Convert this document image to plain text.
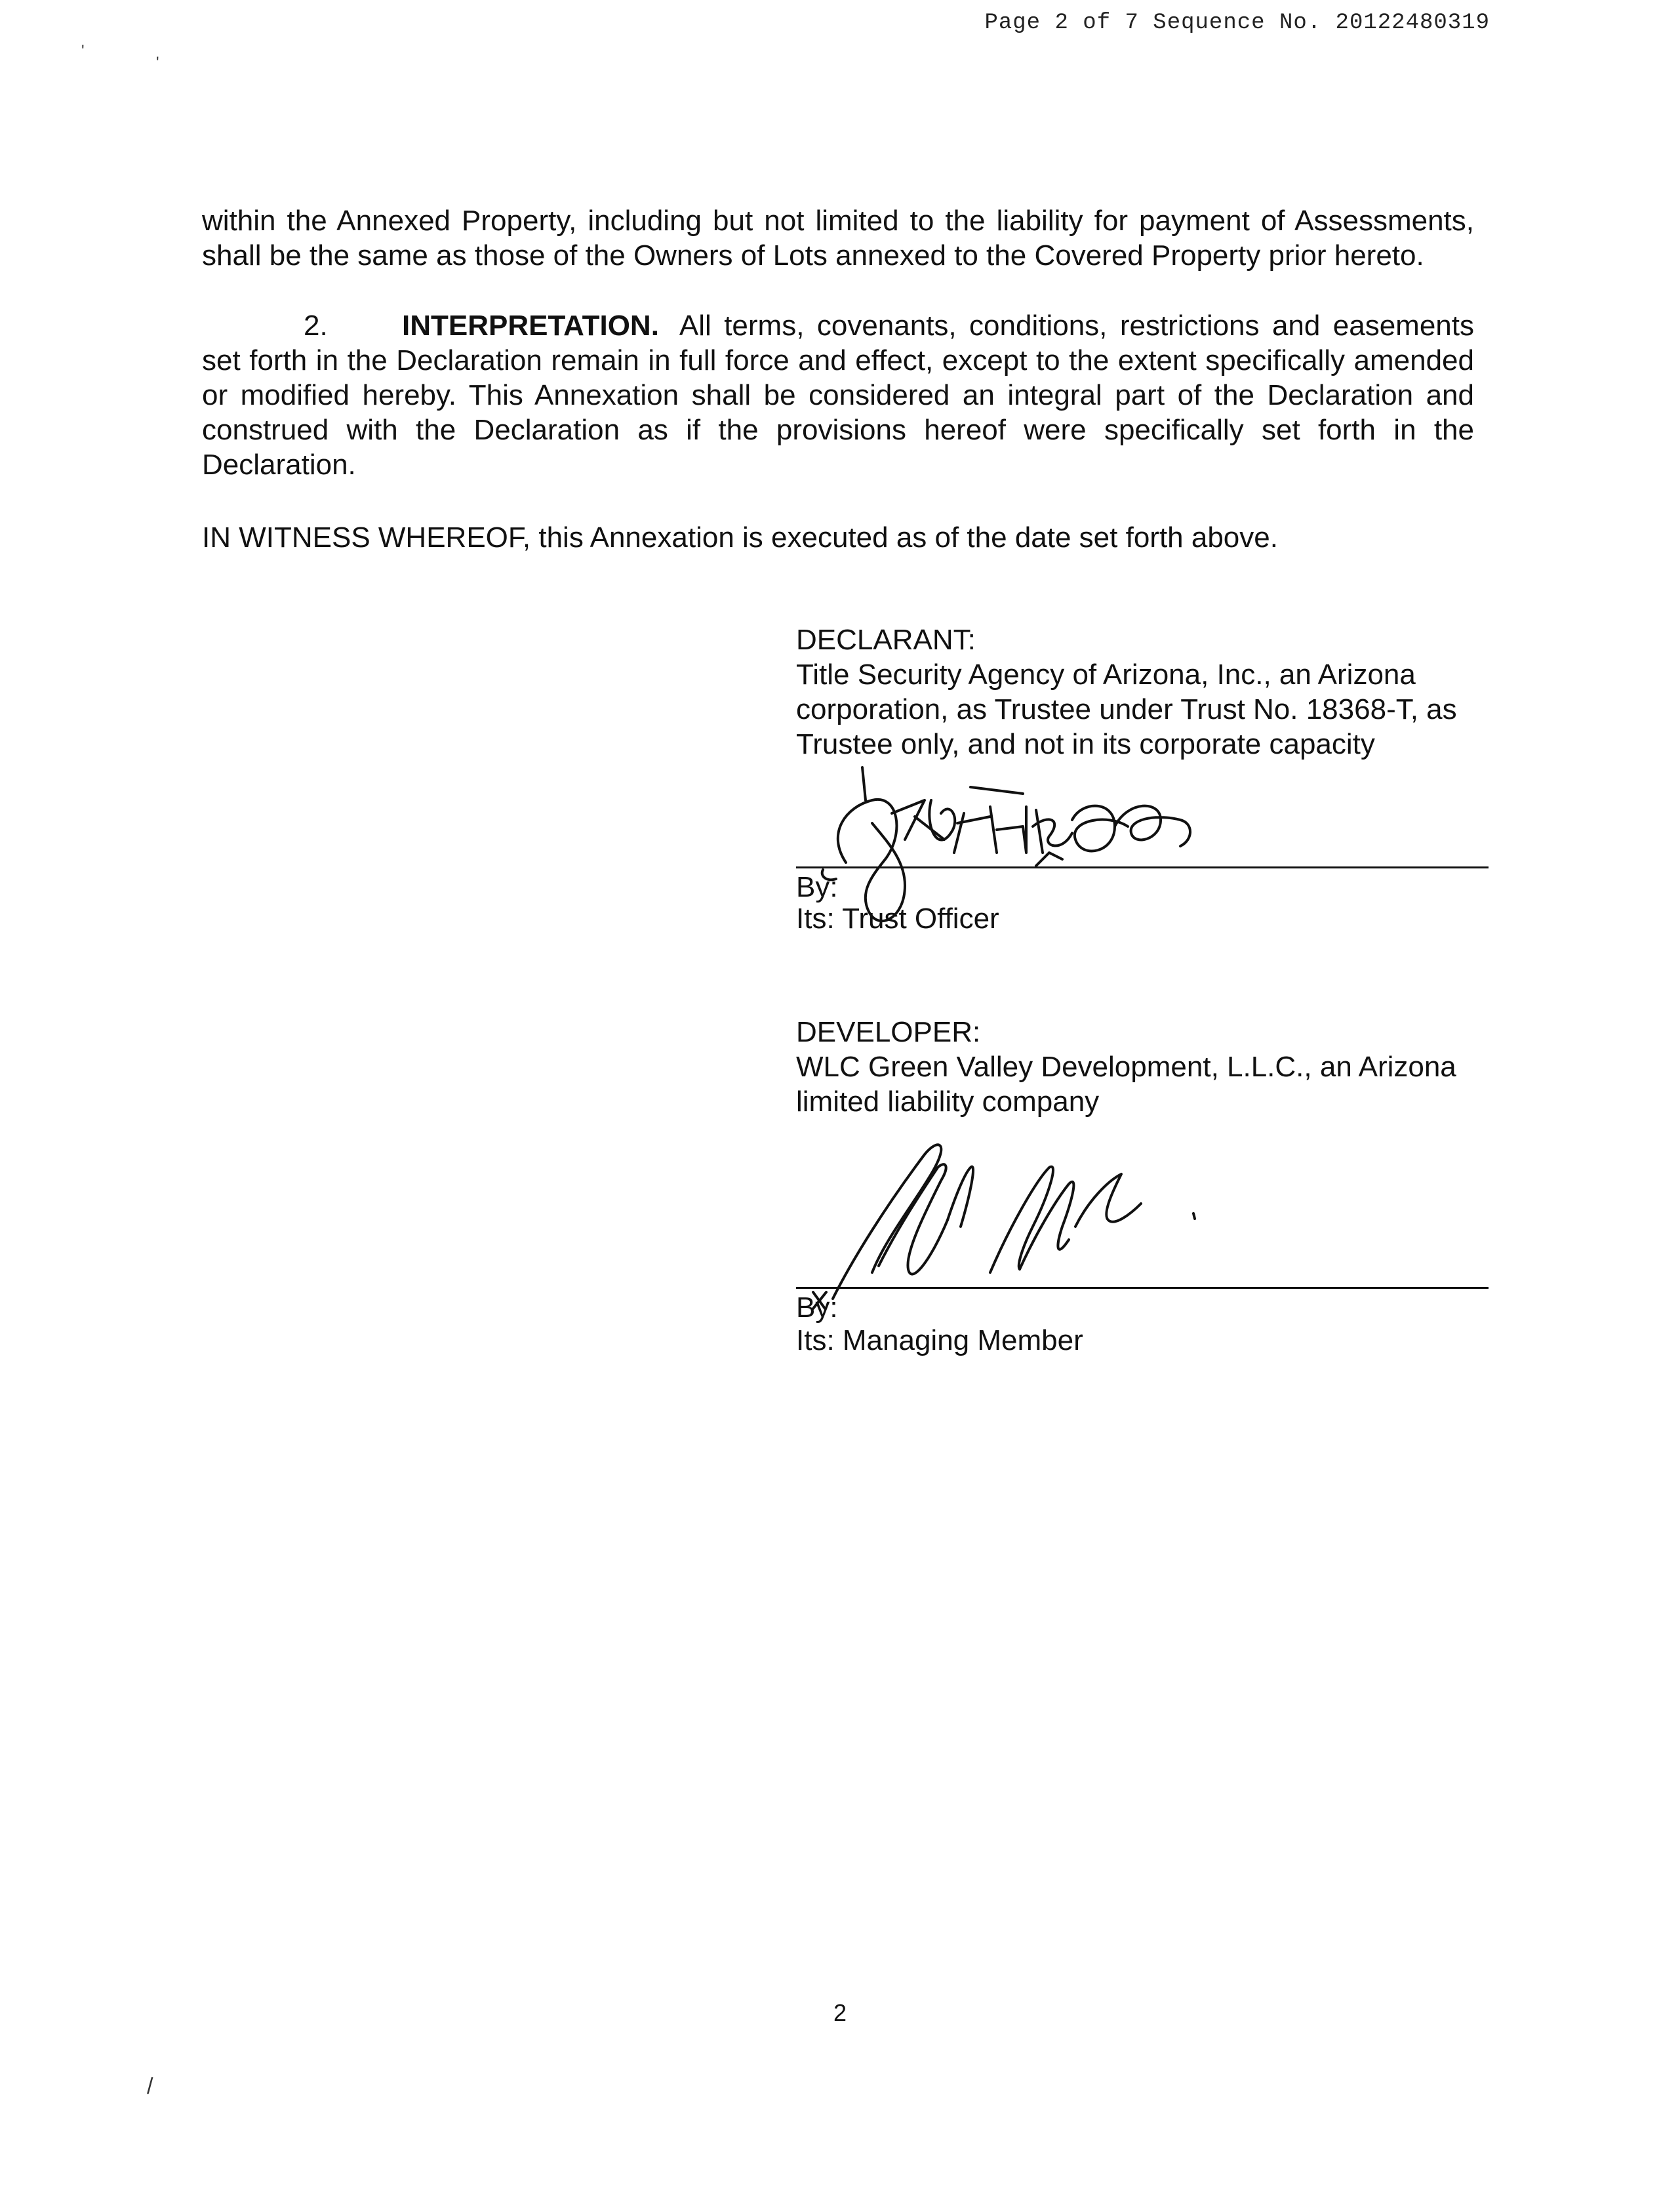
Page 2 of 7 Sequence No. 20122480319
'
'

within the Annexed Property, including but not limited to the liability for payment of Assessments, shall be the same as those of the Owners of Lots annexed to the Covered Property prior hereto.

2.	INTERPRETATION. All terms, covenants, conditions, restrictions and easements set forth in the Declaration remain in full force and effect, except to the extent specifically amended or modified hereby. This Annexation shall be considered an integral part of the Declaration and construed with the Declaration as if the provisions hereof were specifically set forth in the Declaration.

IN WITNESS WHEREOF, this Annexation is executed as of the date set forth above.

DECLARANT:

Title Security Agency of Arizona, Inc., an Arizona

corporation, as Trustee under Trust No. 18368-T, as

Trustee only, and not in its corporate capacity

By:
Its: Trust Officer

DEVELOPER:

WLC Green Valley Development, L.L.C., an Arizona

limited liability company

By:
Its: Managing Member
2
/
